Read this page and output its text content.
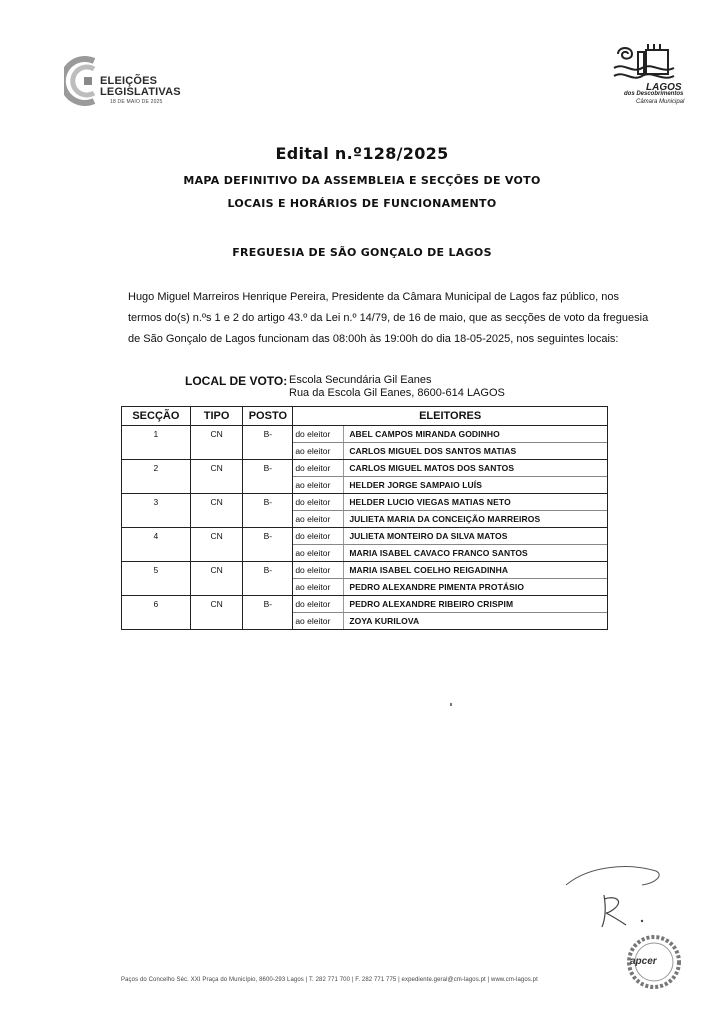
ELEIÇÕES
LEGISLATIVAS
18 DE MAIO DE 2025
LAGOS
dos Descobrimentos
Câmara Municipal
Edital n.º128/2025
MAPA DEFINITIVO DA ASSEMBLEIA E SECÇÕES DE VOTO
LOCAIS E HORÁRIOS DE FUNCIONAMENTO
FREGUESIA DE SÃO GONÇALO DE LAGOS
Hugo Miguel Marreiros Henrique Pereira, Presidente da Câmara Municipal de Lagos faz público, nos
termos do(s) n.ºs 1 e 2 do artigo 43.º da Lei n.º 14/79, de 16 de maio, que as secções de voto da freguesia
de São Gonçalo de Lagos funcionam das 08:00h às 19:00h do dia 18-05-2025, nos seguintes locais:
LOCAL DE VOTO: Escola Secundária Gil Eanes
Rua da Escola Gil Eanes, 8600-614 LAGOS
SECÇÃO	TIPO	POSTO	ELEITORES

1	CN	B-	do eleitor ABEL CAMPOS MIRANDA GODINHO
ao eleitor CARLOS MIGUEL DOS SANTOS MATIAS

2	CN	B-	do eleitor CARLOS MIGUEL MATOS DOS SANTOS
ao eleitor HELDER JORGE SAMPAIO LUÍS

3	CN	B-	do eleitor HELDER LUCIO VIEGAS MATIAS NETO
ao eleitor JULIETA MARIA DA CONCEIÇÃO MARREIROS

4	CN	B-	do eleitor JULIETA MONTEIRO DA SILVA MATOS
ao eleitor MARIA ISABEL CAVACO FRANCO SANTOS

5	CN	B-	do eleitor MARIA ISABEL COELHO REIGADINHA
ao eleitor PEDRO ALEXANDRE PIMENTA PROTÁSIO

6	CN	B-	do eleitor PEDRO ALEXANDRE RIBEIRO CRISPIM
ao eleitor ZOYA KURILOVA
apcer
Paços do Concelho Séc. XXI Praça do Município, 8600-293 Lagos | T. 282 771 700 | F. 282 771 775 | expediente.geral@cm-lagos.pt | www.cm-lagos.pt
